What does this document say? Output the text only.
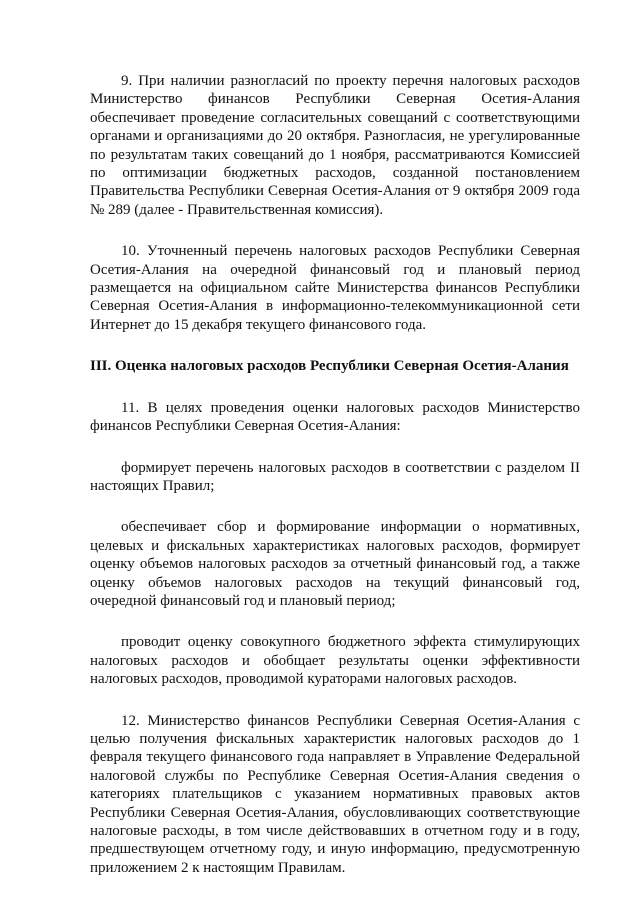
9. При наличии разногласий по проекту перечня налоговых расходов Министерство финансов Республики Северная Осетия-Алания обеспечивает проведение согласительных совещаний с соответствующими органами и организациями до 20 октября. Разногласия, не урегулированные по результатам таких совещаний до 1 ноября, рассматриваются Комиссией по оптимизации бюджетных расходов, созданной постановлением Правительства Республики Северная Осетия-Алания от 9 октября 2009 года № 289 (далее - Правительственная комиссия).

10. Уточненный перечень налоговых расходов Республики Северная Осетия-Алания на очередной финансовый год и плановый период размещается на официальном сайте Министерства финансов Республики Северная Осетия-Алания в информационно-телекоммуникационной сети Интернет до 15 декабря текущего финансового года.

III. Оценка налоговых расходов Республики Северная Осетия-Алания

11. В целях проведения оценки налоговых расходов Министерство финансов Республики Северная Осетия-Алания:

формирует перечень налоговых расходов в соответствии с разделом II настоящих Правил;

обеспечивает сбор и формирование информации о нормативных, целевых и фискальных характеристиках налоговых расходов, формирует оценку объемов налоговых расходов за отчетный финансовый год, а также оценку объемов налоговых расходов на текущий финансовый год, очередной финансовый год и плановый период;

проводит оценку совокупного бюджетного эффекта стимулирующих налоговых расходов и обобщает результаты оценки эффективности налоговых расходов, проводимой кураторами налоговых расходов.

12. Министерство финансов Республики Северная Осетия-Алания с целью получения фискальных характеристик налоговых расходов до 1 февраля текущего финансового года направляет в Управление Федеральной налоговой службы по Республике Северная Осетия-Алания сведения о категориях плательщиков с указанием нормативных правовых актов Республики Северная Осетия-Алания, обусловливающих соответствующие налоговые расходы, в том числе действовавших в отчетном году и в году, предшествующем отчетному году, и иную информацию, предусмотренную приложением 2 к настоящим Правилам.
